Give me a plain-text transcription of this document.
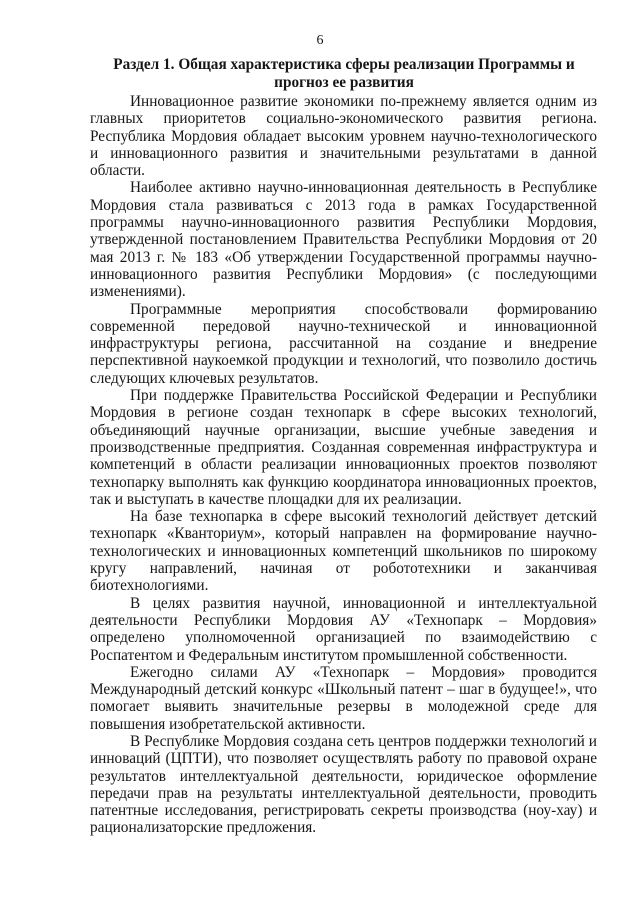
6
Раздел 1. Общая характеристика сферы реализации Программы и прогноз ее развития

Инновационное развитие экономики по-прежнему является одним из главных приоритетов социально-экономического развития региона. Республика Мордовия обладает высоким уровнем научно-технологического и инновационного развития и значительными результатами в данной области.

Наиболее активно научно-инновационная деятельность в Республике Мордовия стала развиваться с 2013 года в рамках Государственной программы научно-инновационного развития Республики Мордовия, утвержденной постановлением Правительства Республики Мордовия от 20 мая 2013 г. № 183 «Об утверждении Государственной программы научно-инновационного развития Республики Мордовия» (с последующими изменениями).

Программные мероприятия способствовали формированию современной передовой научно-технической и инновационной инфраструктуры региона, рассчитанной на создание и внедрение перспективной наукоемкой продукции и технологий, что позволило достичь следующих ключевых результатов.

При поддержке Правительства Российской Федерации и Республики Мордовия в регионе создан технопарк в сфере высоких технологий, объединяющий научные организации, высшие учебные заведения и производственные предприятия. Созданная современная инфраструктура и компетенций в области реализации инновационных проектов позволяют технопарку выполнять как функцию координатора инновационных проектов, так и выступать в качестве площадки для их реализации.

На базе технопарка в сфере высокий технологий действует детский технопарк «Кванториум», который направлен на формирование научно-технологических и инновационных компетенций школьников по широкому кругу направлений, начиная от робототехники и заканчивая биотехнологиями.

В целях развития научной, инновационной и интеллектуальной деятельности Республики Мордовия АУ «Технопарк – Мордовия» определено уполномоченной организацией по взаимодействию с Роспатентом и Федеральным институтом промышленной собственности.

Ежегодно силами АУ «Технопарк – Мордовия» проводится Международный детский конкурс «Школьный патент – шаг в будущее!», что помогает выявить значительные резервы в молодежной среде для повышения изобретательской активности.

В Республике Мордовия создана сеть центров поддержки технологий и инноваций (ЦПТИ), что позволяет осуществлять работу по правовой охране результатов интеллектуальной деятельности, юридическое оформление передачи прав на результаты интеллектуальной деятельности, проводить патентные исследования, регистрировать секреты производства (ноу-хау) и рационализаторские предложения.
